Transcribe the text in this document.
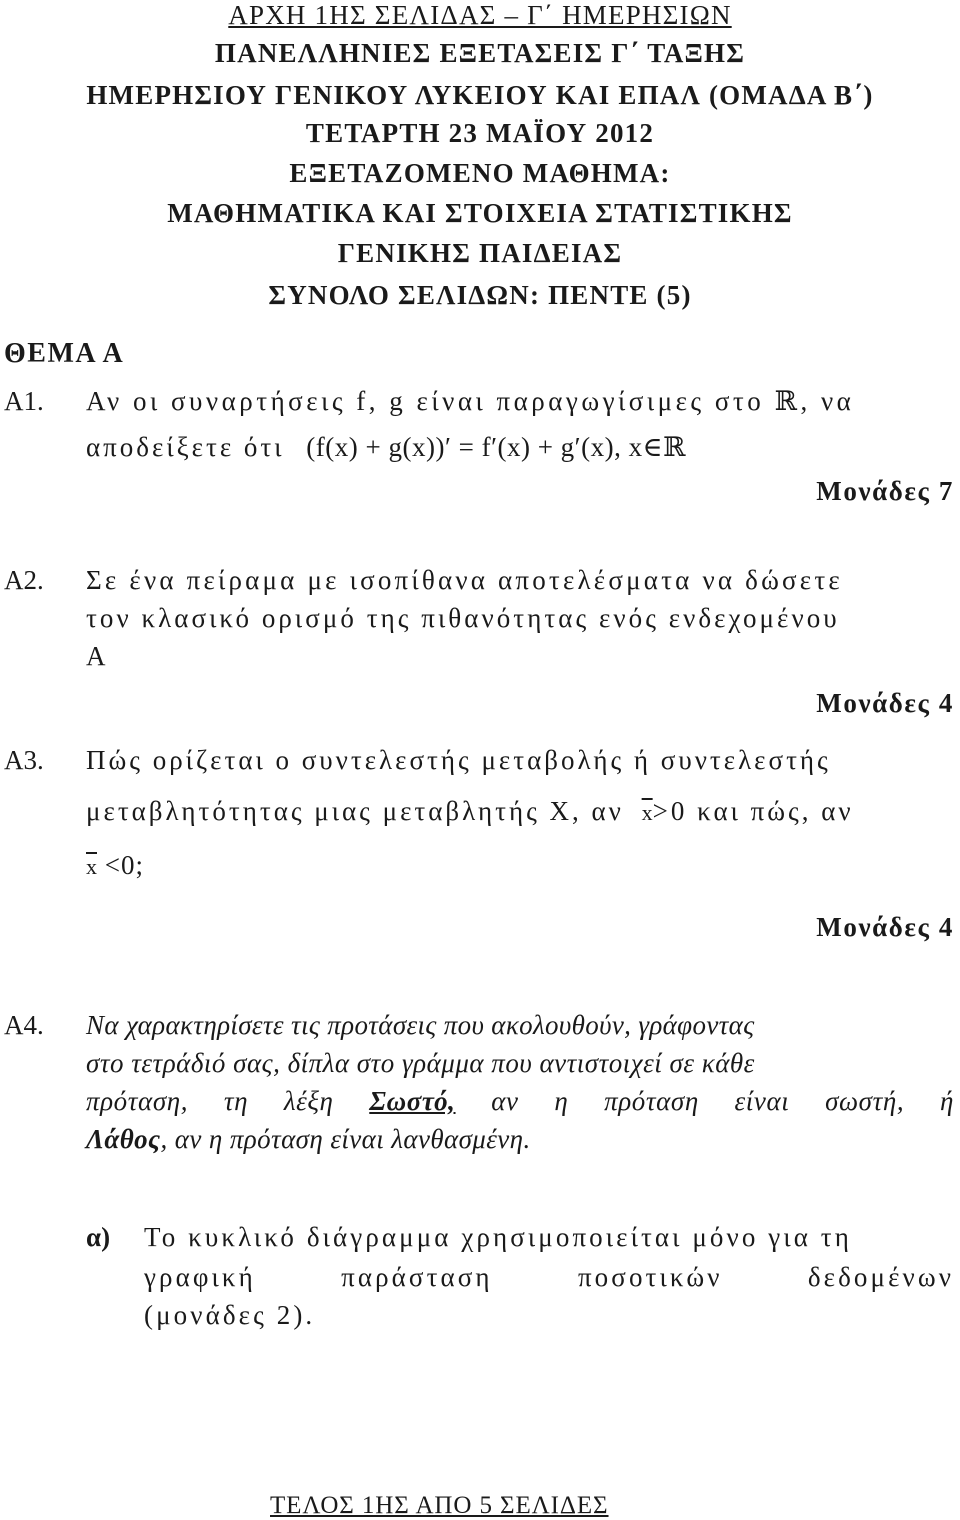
ΑΡΧΗ 1ΗΣ ΣΕΛΙΔΑΣ – Γ΄ ΗΜΕΡΗΣΙΩΝ
ΠΑΝΕΛΛΗΝΙΕΣ ΕΞΕΤΑΣΕΙΣ Γ΄ ΤΑΞΗΣ
ΗΜΕΡΗΣΙΟΥ ΓΕΝΙΚΟΥ ΛΥΚΕΙΟΥ ΚΑΙ ΕΠΑΛ (ΟΜΑΔΑ Β΄)
ΤΕΤΑΡΤΗ 23 ΜΑΪΟΥ 2012
ΕΞΕΤΑΖΟΜΕΝΟ ΜΑΘΗΜΑ:
ΜΑΘΗΜΑΤΙΚΑ ΚΑΙ ΣΤΟΙΧΕΙΑ ΣΤΑΤΙΣΤΙΚΗΣ
ΓΕΝΙΚΗΣ ΠΑΙΔΕΙΑΣ
ΣΥΝΟΛΟ ΣΕΛΙΔΩΝ: ΠΕΝΤΕ (5)
ΘΕΜΑ Α
Α1. Αν οι συναρτήσεις f, g είναι παραγωγίσιμες στο ℝ, να
αποδείξετε ότι (f(x) + g(x))′ = f′(x) + g′(x), x∈ℝ
Μονάδες 7
Α2. Σε ένα πείραμα με ισοπίθανα αποτελέσματα να δώσετε
τον κλασικό ορισμό της πιθανότητας ενός ενδεχομένου
Α
Μονάδες 4
Α3. Πώς ορίζεται ο συντελεστής μεταβολής ή συντελεστής
μεταβλητότητας μιας μεταβλητής Χ, αν $\overline{x}>0$ και πώς, αν
$\overline{x} <0$;
Μονάδες 4
Α4. Να χαρακτηρίσετε τις προτάσεις που ακολουθούν, γράφοντας
στο τετράδιό σας, δίπλα στο γράμμα που αντιστοιχεί σε κάθε
πρόταση, τη λέξη Σωστό, αν η πρόταση είναι σωστή, ή
Λάθος, αν η πρόταση είναι λανθασμένη.
α) Το κυκλικό διάγραμμα χρησιμοποιείται μόνο για τη
γραφική	παράσταση	ποσοτικών	δεδομένων
(μονάδες 2).
ΤΕΛΟΣ 1ΗΣ ΑΠΟ 5 ΣΕΛΙΔΕΣ
